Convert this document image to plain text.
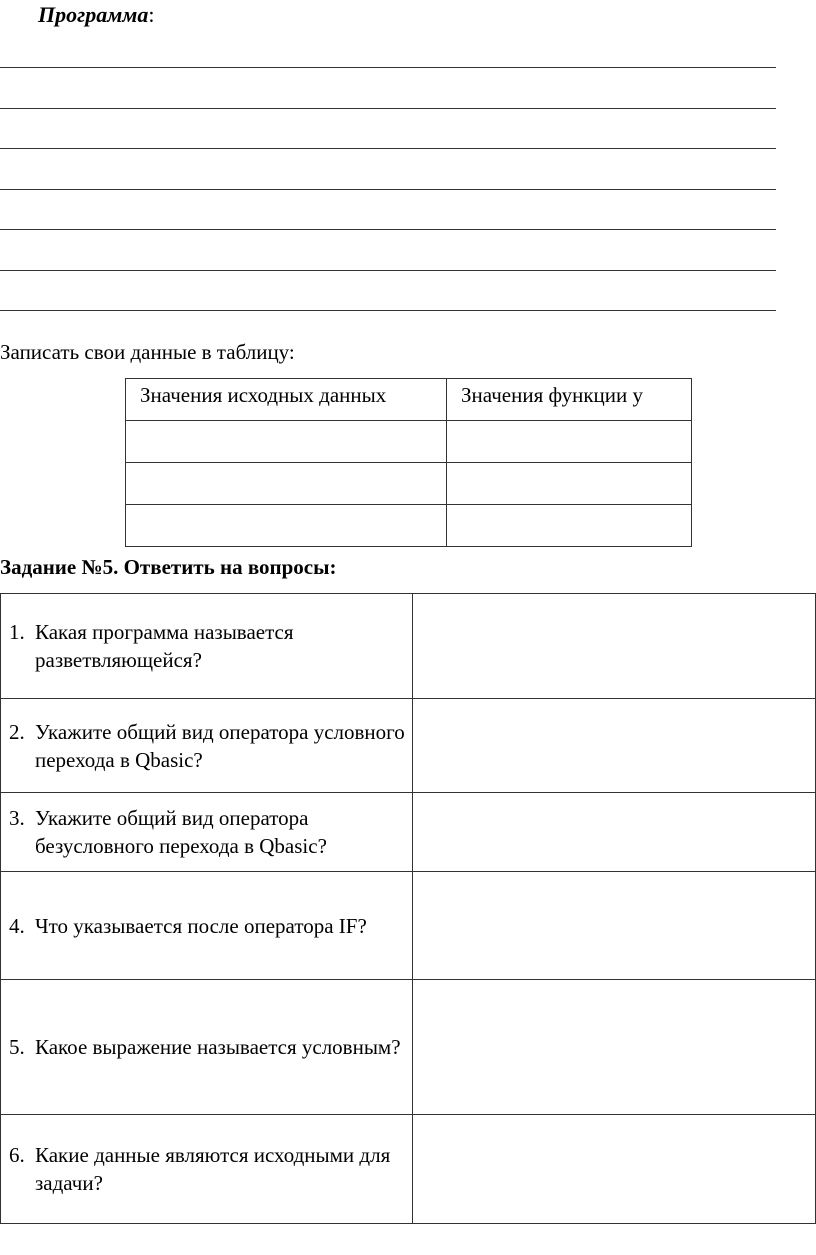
Программа:

Записать свои данные в таблицу:

Значения исходных данных	Значения функции у

Задание №5. Ответить на вопросы:

1. Какая программа называется разветвляющейся?	

2. Укажите общий вид оператора условного перехода в Qbasic?	

3. Укажите общий вид оператора безусловного перехода в Qbasic?	

4. Что указывается после оператора IF?	

5. Какое выражение называется условным?	

6. Какие данные являются исходными для задачи?	
